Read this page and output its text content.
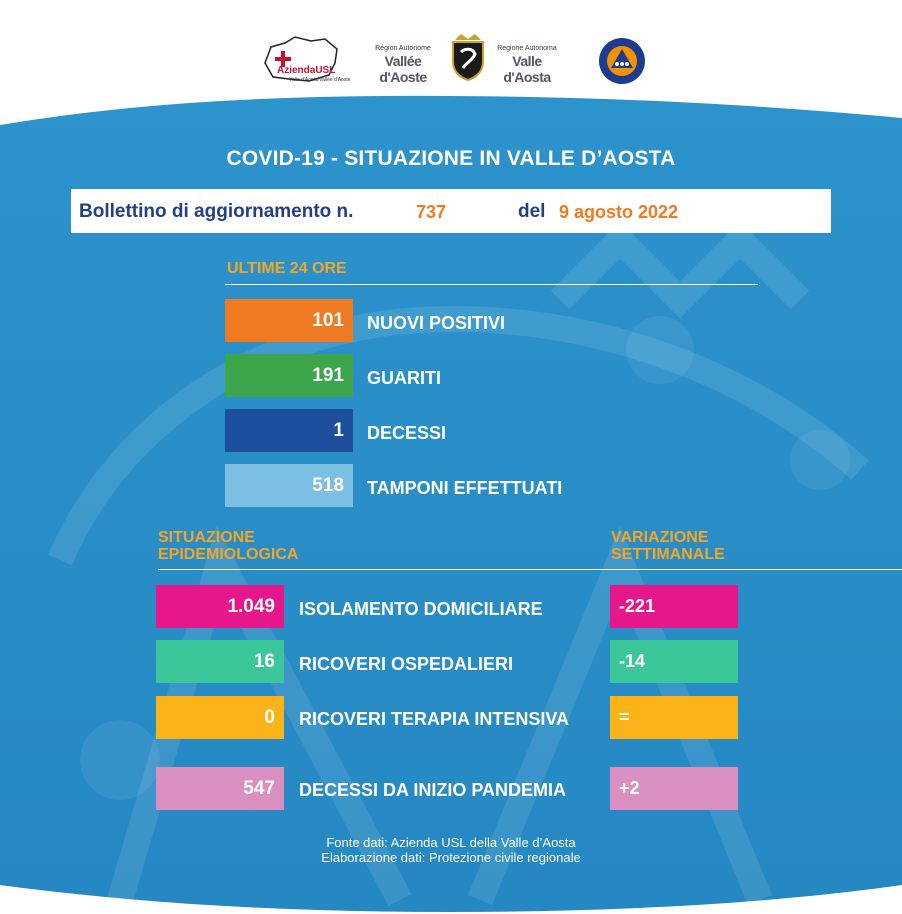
AziendaUSL
Valle d'Aosta/Vallée d'Aoste
Région Autonome
Vallée d'Aoste
Regione Autonoma
Valle d'Aosta
COVID-19 - SITUAZIONE IN VALLE D’AOSTA
Bollettino di aggiornamento n.	737	del 9 agosto 2022
ULTIME 24 ORE
101	NUOVI POSITIVI
191	GUARITI
1	DECESSI
518	TAMPONI EFFETTUATI
SITUAZIONE
EPIDEMIOLOGICA
VARIAZIONE
SETTIMANALE
1.049	ISOLAMENTO DOMICILIARE	-221
16	RICOVERI OSPEDALIERI	-14
0	RICOVERI TERAPIA INTENSIVA	=
547	DECESSI DA INIZIO PANDEMIA	+2
Fonte dati: Azienda USL della Valle d’Aosta
Elaborazione dati: Protezione civile regionale
